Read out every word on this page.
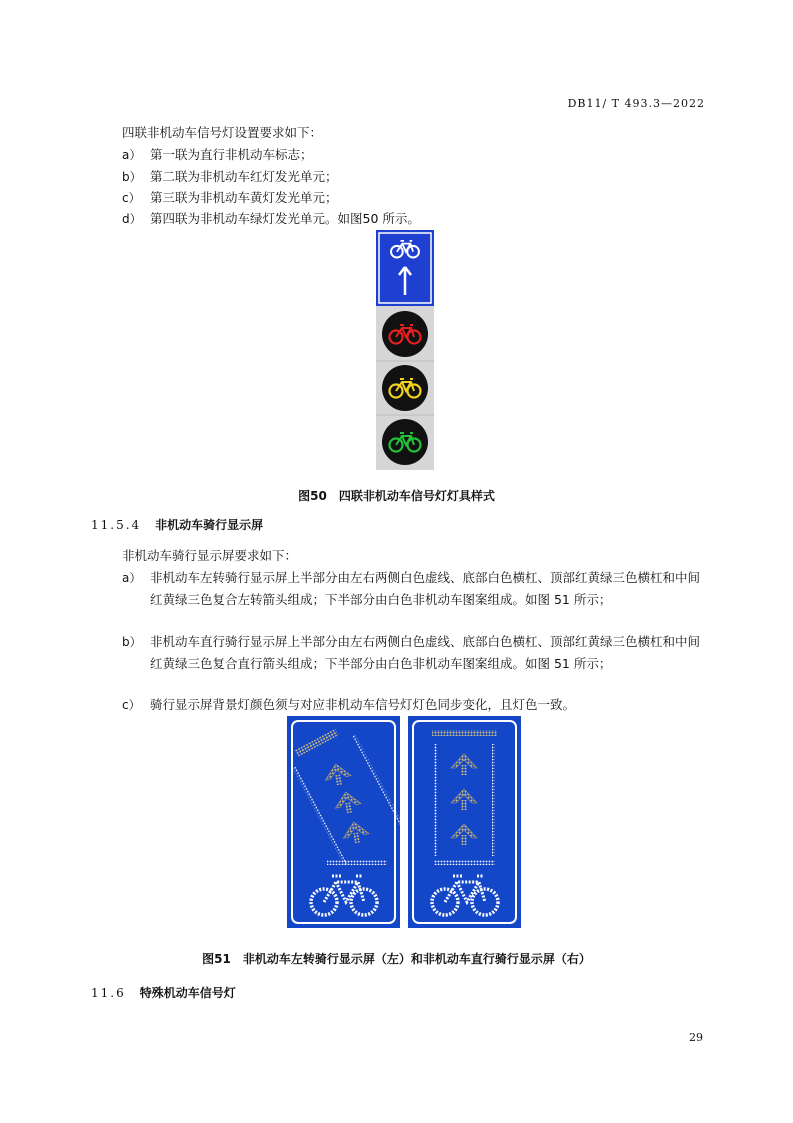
DB11/ T 493.3—2022
四联非机动车信号灯设置要求如下：
a） 第一联为直行非机动车标志；
b） 第二联为非机动车红灯发光单元；
c） 第三联为非机动车黄灯发光单元；
d） 第四联为非机动车绿灯发光单元。如图50 所示。
图50　四联非机动车信号灯灯具样式
11.5.4 非机动车骑行显示屏
非机动车骑行显示屏要求如下：
a） 非机动车左转骑行显示屏上半部分由左右两侧白色虚线、底部白色横杠、顶部红黄绿三色横杠和中间红黄绿三色复合左转箭头组成；下半部分由白色非机动车图案组成。如图 51 所示；
b） 非机动车直行骑行显示屏上半部分由左右两侧白色虚线、底部白色横杠、顶部红黄绿三色横杠和中间红黄绿三色复合直行箭头组成；下半部分由白色非机动车图案组成。如图 51 所示；
c） 骑行显示屏背景灯颜色须与对应非机动车信号灯灯色同步变化，且灯色一致。
图51　非机动车左转骑行显示屏（左）和非机动车直行骑行显示屏（右）
11.6 特殊机动车信号灯
29
